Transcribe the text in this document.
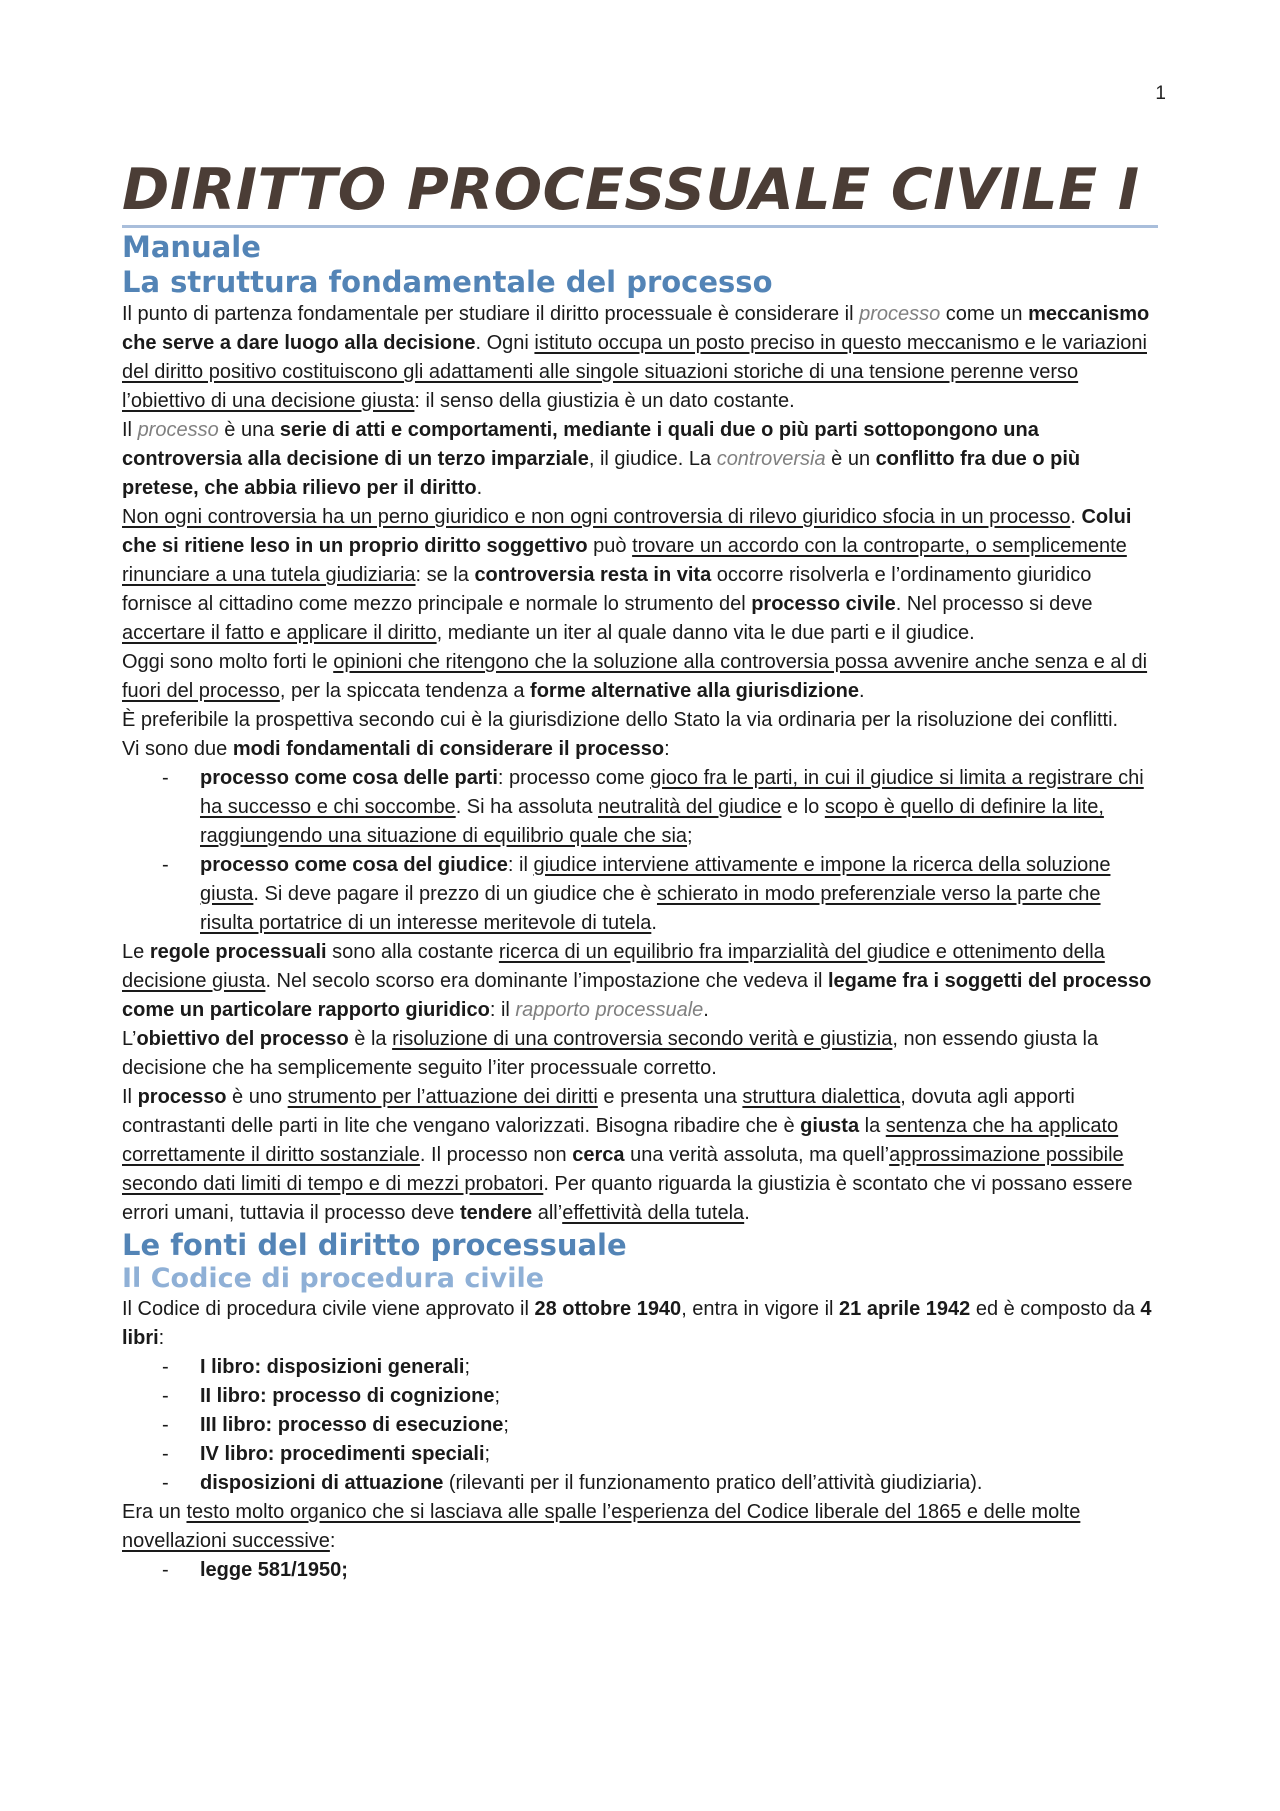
1
DIRITTO PROCESSUALE CIVILE I
Manuale
La struttura fondamentale del processo

Il punto di partenza fondamentale per studiare il diritto processuale è considerare il processo come un meccanismo che serve a dare luogo alla decisione. Ogni istituto occupa un posto preciso in questo meccanismo e le variazioni del diritto positivo costituiscono gli adattamenti alle singole situazioni storiche di una tensione perenne verso l’obiettivo di una decisione giusta: il senso della giustizia è un dato costante.

Il processo è una serie di atti e comportamenti, mediante i quali due o più parti sottopongono una controversia alla decisione di un terzo imparziale, il giudice. La controversia è un conflitto fra due o più pretese, che abbia rilievo per il diritto.

Non ogni controversia ha un perno giuridico e non ogni controversia di rilevo giuridico sfocia in un processo. Colui che si ritiene leso in un proprio diritto soggettivo può trovare un accordo con la controparte, o semplicemente rinunciare a una tutela giudiziaria: se la controversia resta in vita occorre risolverla e l’ordinamento giuridico fornisce al cittadino come mezzo principale e normale lo strumento del processo civile. Nel processo si deve accertare il fatto e applicare il diritto, mediante un iter al quale danno vita le due parti e il giudice.

Oggi sono molto forti le opinioni che ritengono che la soluzione alla controversia possa avvenire anche senza e al di fuori del processo, per la spiccata tendenza a forme alternative alla giurisdizione.

È preferibile la prospettiva secondo cui è la giurisdizione dello Stato la via ordinaria per la risoluzione dei conflitti.

Vi sono due modi fondamentali di considerare il processo:

- processo come cosa delle parti: processo come gioco fra le parti, in cui il giudice si limita a registrare chi ha successo e chi soccombe. Si ha assoluta neutralità del giudice e lo scopo è quello di definire la lite, raggiungendo una situazione di equilibrio quale che sia;
- processo come cosa del giudice: il giudice interviene attivamente e impone la ricerca della soluzione giusta. Si deve pagare il prezzo di un giudice che è schierato in modo preferenziale verso la parte che risulta portatrice di un interesse meritevole di tutela.

Le regole processuali sono alla costante ricerca di un equilibrio fra imparzialità del giudice e ottenimento della decisione giusta. Nel secolo scorso era dominante l’impostazione che vedeva il legame fra i soggetti del processo come un particolare rapporto giuridico: il rapporto processuale.

L’obiettivo del processo è la risoluzione di una controversia secondo verità e giustizia, non essendo giusta la decisione che ha semplicemente seguito l’iter processuale corretto.

Il processo è uno strumento per l’attuazione dei diritti e presenta una struttura dialettica, dovuta agli apporti contrastanti delle parti in lite che vengano valorizzati. Bisogna ribadire che è giusta la sentenza che ha applicato correttamente il diritto sostanziale. Il processo non cerca una verità assoluta, ma quell’approssimazione possibile secondo dati limiti di tempo e di mezzi probatori. Per quanto riguarda la giustizia è scontato che vi possano essere errori umani, tuttavia il processo deve tendere all’effettività della tutela.

Le fonti del diritto processuale
Il Codice di procedura civile

Il Codice di procedura civile viene approvato il 28 ottobre 1940, entra in vigore il 21 aprile 1942 ed è composto da 4 libri:

- I libro: disposizioni generali;
- II libro: processo di cognizione;
- III libro: processo di esecuzione;
- IV libro: procedimenti speciali;
- disposizioni di attuazione (rilevanti per il funzionamento pratico dell’attività giudiziaria).

Era un testo molto organico che si lasciava alle spalle l’esperienza del Codice liberale del 1865 e delle molte novellazioni successive:

- legge 581/1950;
